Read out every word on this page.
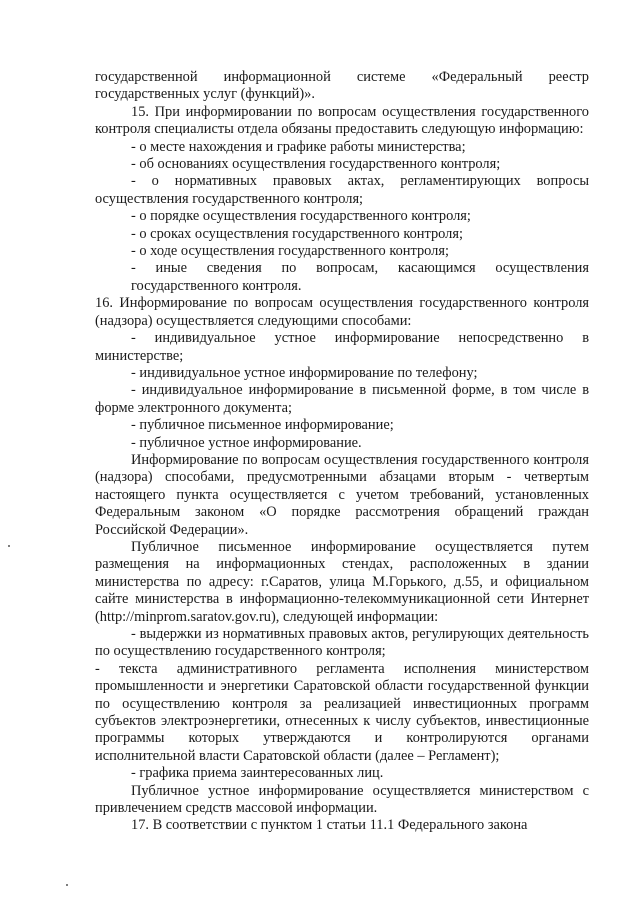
государственной информационной системе «Федеральный реестр государственных услуг (функций)».

15. При информировании по вопросам осуществления государственного контроля специалисты отдела обязаны предоставить следующую информацию:

- о месте нахождения и графике работы министерства;

- об основаниях осуществления государственного контроля;

- о нормативных правовых актах, регламентирующих вопросы осуществления государственного контроля;

- о порядке осуществления государственного контроля;

- о сроках осуществления государственного контроля;

- о ходе осуществления государственного контроля;

- иные сведения по вопросам, касающимся осуществления государственного контроля.

16. Информирование по вопросам осуществления государственного контроля (надзора) осуществляется следующими способами:

- индивидуальное устное информирование непосредственно в министерстве;

- индивидуальное устное информирование по телефону;

- индивидуальное информирование в письменной форме, в том числе в форме электронного документа;

- публичное письменное информирование;

- публичное устное информирование.

Информирование по вопросам осуществления государственного контроля (надзора) способами, предусмотренными абзацами вторым - четвертым настоящего пункта осуществляется с учетом требований, установленных Федеральным законом «О порядке рассмотрения обращений граждан Российской Федерации».

Публичное письменное информирование осуществляется путем размещения на информационных стендах, расположенных в здании министерства по адресу: г.Саратов, улица М.Горького, д.55, и официальном сайте министерства в информационно-телекоммуникационной сети Интернет (http://minprom.saratov.gov.ru), следующей информации:

- выдержки из нормативных правовых актов, регулирующих деятельность по осуществлению государственного контроля;

- текста административного регламента исполнения министерством промышленности и энергетики Саратовской области государственной функции по осуществлению контроля за реализацией инвестиционных программ субъектов электроэнергетики, отнесенных к числу субъектов, инвестиционные программы которых утверждаются и контролируются органами исполнительной власти Саратовской области (далее – Регламент);

- графика приема заинтересованных лиц.

Публичное устное информирование осуществляется министерством с привлечением средств массовой информации.

17. В соответствии с пунктом 1 статьи 11.1 Федерального закона
